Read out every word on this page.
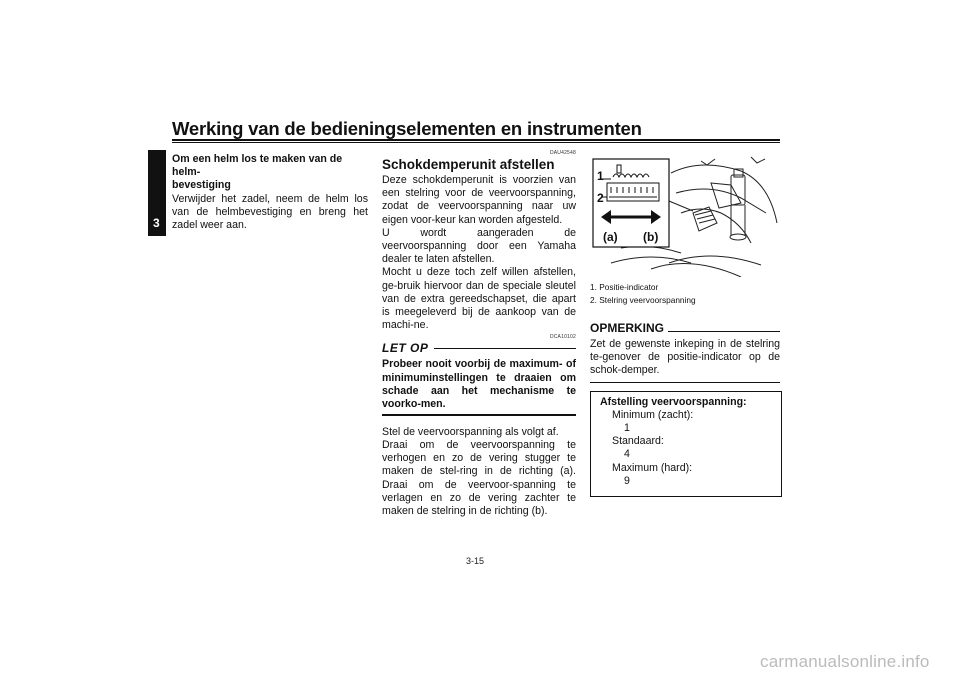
Werking van de bedieningselementen en instrumenten
3

Om een helm los te maken van de helm-

bevestiging

Verwijder het zadel, neem de helm los van de helmbevestiging en breng het zadel weer aan.

DAU42548
Schokdemperunit afstellen

Deze schokdemperunit is voorzien van een stelring voor de veervoorspanning, zodat de veervoorspanning naar uw eigen voor-keur kan worden afgesteld.

U wordt aangeraden de veervoorspanning door een Yamaha dealer te laten afstellen.

Mocht u deze toch zelf willen afstellen, ge-bruik hiervoor dan de speciale sleutel van de extra gereedschapset, die apart is meegeleverd bij de aankoop van de machi-ne.

DCA10102
LET OP
Probeer nooit voorbij de maximum- of minimuminstellingen te draaien om schade aan het mechanisme te voorko-men.

Stel de veervoorspanning als volgt af.

Draai om de veervoorspanning te verhogen en zo de vering stugger te maken de stel-ring in de richting (a). Draai om de veervoor-spanning te verlagen en zo de vering zachter te maken de stelring in de richting (b).

1
2
(a) (b)
1. Positie-indicator
2. Stelring veervoorspanning
OPMERKING
Zet de gewenste inkeping in de stelring te-genover de positie-indicator op de schok-demper.
Afstelling veervoorspanning:
Minimum (zacht):
1
Standaard:
4
Maximum (hard):
9
3-15
carmanualsonline.info
